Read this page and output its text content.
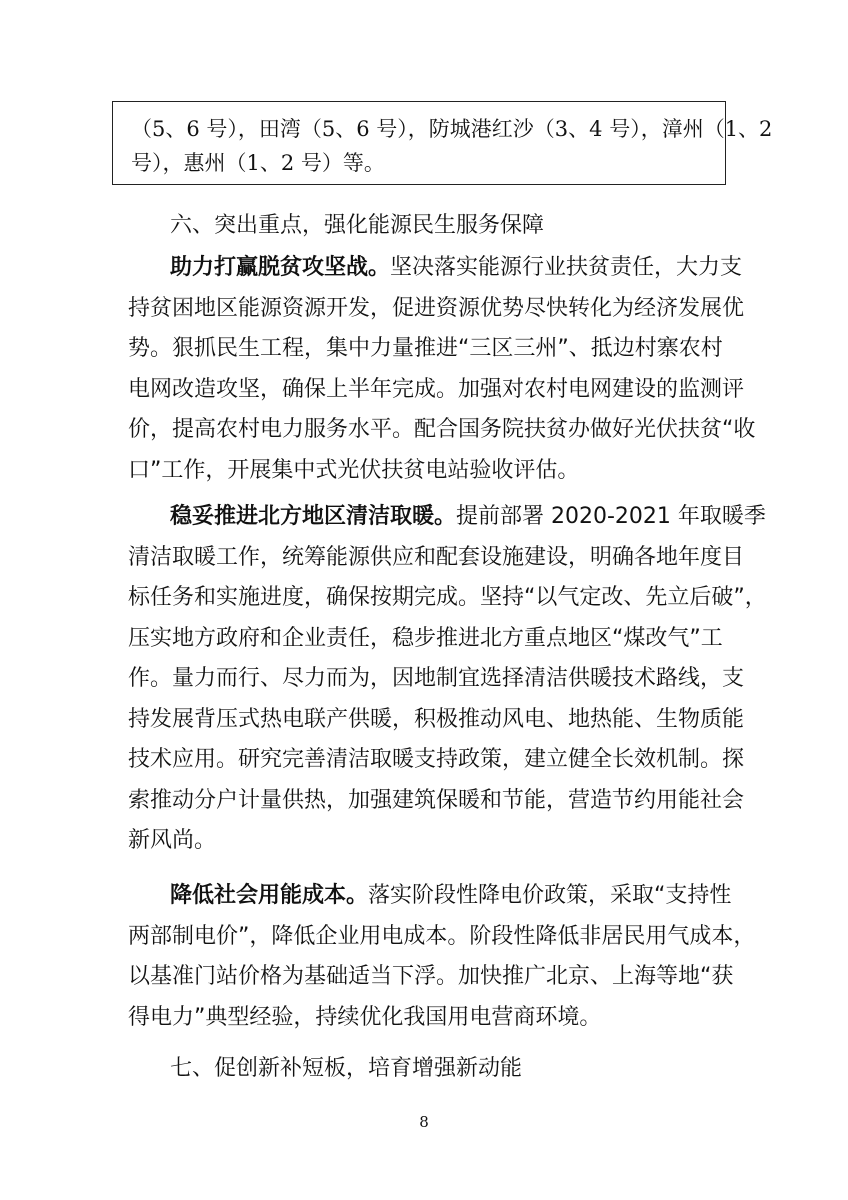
（5、6 号），田湾（5、6 号），防城港红沙（3、4 号），漳州（1、2
号），惠州（1、2 号）等。
六、突出重点，强化能源民生服务保障
助力打赢脱贫攻坚战。坚决落实能源行业扶贫责任，大力支
持贫困地区能源资源开发，促进资源优势尽快转化为经济发展优
势。狠抓民生工程，集中力量推进“三区三州”、抵边村寨农村
电网改造攻坚，确保上半年完成。加强对农村电网建设的监测评
价，提高农村电力服务水平。配合国务院扶贫办做好光伏扶贫“收
口”工作，开展集中式光伏扶贫电站验收评估。
稳妥推进北方地区清洁取暖。提前部署 2020-2021 年取暖季
清洁取暖工作，统筹能源供应和配套设施建设，明确各地年度目
标任务和实施进度，确保按期完成。坚持“以气定改、先立后破”，
压实地方政府和企业责任，稳步推进北方重点地区“煤改气”工
作。量力而行、尽力而为，因地制宜选择清洁供暖技术路线，支
持发展背压式热电联产供暖，积极推动风电、地热能、生物质能
技术应用。研究完善清洁取暖支持政策，建立健全长效机制。探
索推动分户计量供热，加强建筑保暖和节能，营造节约用能社会
新风尚。
降低社会用能成本。落实阶段性降电价政策，采取“支持性
两部制电价”，降低企业用电成本。阶段性降低非居民用气成本，
以基准门站价格为基础适当下浮。加快推广北京、上海等地“获
得电力”典型经验，持续优化我国用电营商环境。
七、促创新补短板，培育增强新动能
8
